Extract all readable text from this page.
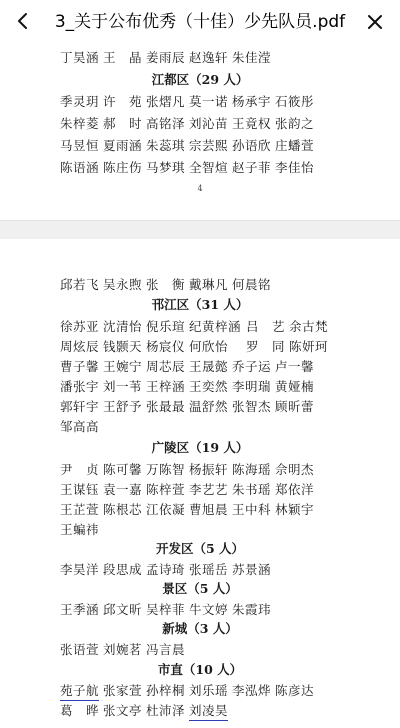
3_关于公布优秀（十佳）少先队员.pdf
丁昊涵 王　晶 姜雨辰 赵逸轩 朱佳滢
江都区（29 人）
季灵玥 许　苑 张熠凡 莫一诺 杨承宇 石筱彤
朱梓菱 郝　时 高铭泽 刘沁苗 王竟权 张韵之
马昱恒 夏雨涵 朱蕊琪 宗芸熙 孙语欣 庄蟠萱
陈语涵 陈庄伤 马梦琪 全智煊 赵子菲 李佳怡
4
邱若飞 吴永煦 张　衡 戴琳凡 何晨铭
邗江区（31 人）
徐苏亚 沈清怡 倪乐瑄 纪黄梓涵 吕　艺 余古梵
周炫辰 钱颢天 杨宸仪 何欣怡 罗　同 陈妍珂
曹子馨 王婉宁 周芯辰 王晟懿 乔子运 卢一馨
潘张宇 刘一苇 王梓涵 王奕然 李明瑞 黄娅楠
郭轩宇 王舒予 张最最 温舒然 张智杰 顾昕蕾
邹高高
广陵区（19 人）
尹　贞 陈可馨 万陈智 杨振轩 陈海瑶 佘明杰
王谋钰 袁一嘉 陈梓萱 李艺艺 朱书瑶 郑依洋
王芷萱 陈根芯 江依凝 曹旭晨 王中科 林颖宇
王蝙祎
开发区（5 人）
李昊洋 段思成 孟诗琦 张瑶岳 苏景涵
景区（5 人）
王季涵 邱文昕 吴梓菲 牛文婷 朱霞玮
新城（3 人）
张语萱 刘婉茗 冯言晨
市直（10 人）
苑子航 张家萱 孙梓桐 刘乐瑶 李泓烨 陈彦达
葛　晔 张文亭 杜沛泽 刘凌昊
